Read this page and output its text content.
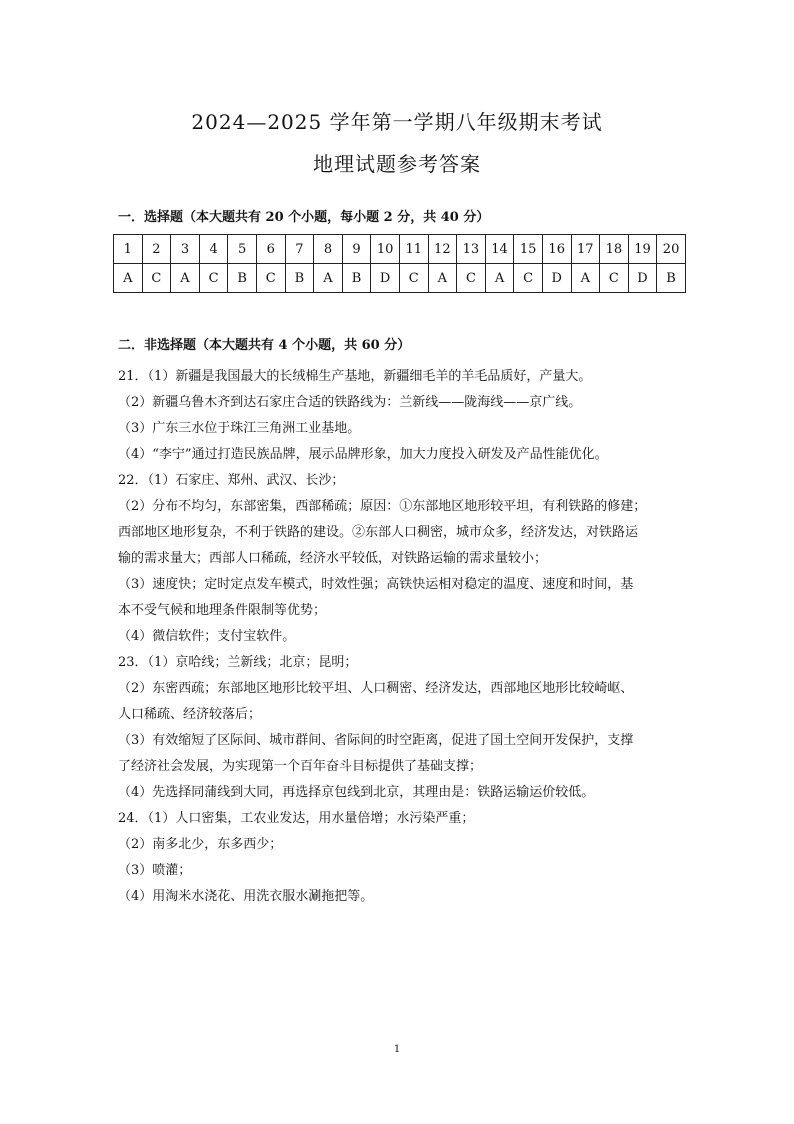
2024—2025 学年第一学期八年级期末考试
地理试题参考答案
一．选择题（本大题共有 20 个小题，每小题 2 分，共 40 分）
1	2	3	4	5	6	7	8	9	10	11	12	13	14	15	16	17	18	19	20
A	C	A	C	B	C	B	A	B	D	C	A	C	A	C	D	A	C	D	B
二．非选择题（本大题共有 4 个小题，共 60 分）
21．（1）新疆是我国最大的长绒棉生产基地，新疆细毛羊的羊毛品质好，产量大。
（2）新疆乌鲁木齐到达石家庄合适的铁路线为：兰新线——陇海线——京广线。
（3）广东三水位于珠江三角洲工业基地。
（4）“李宁”通过打造民族品牌，展示品牌形象，加大力度投入研发及产品性能优化。
22．（1）石家庄、郑州、武汉、长沙；
（2）分布不均匀，东部密集，西部稀疏；原因：①东部地区地形较平坦，有利铁路的修建；
西部地区地形复杂，不利于铁路的建设。②东部人口稠密，城市众多，经济发达，对铁路运
输的需求量大；西部人口稀疏，经济水平较低，对铁路运输的需求量较小；
（3）速度快；定时定点发车模式，时效性强；高铁快运相对稳定的温度、速度和时间，基
本不受气候和地理条件限制等优势；
（4）微信软件；支付宝软件。
23．（1）京哈线；兰新线；北京；昆明；
（2）东密西疏；东部地区地形比较平坦、人口稠密、经济发达，西部地区地形比较崎岖、
人口稀疏、经济较落后；
（3）有效缩短了区际间、城市群间、省际间的时空距离，促进了国土空间开发保护，支撑
了经济社会发展，为实现第一个百年奋斗目标提供了基础支撑；
（4）先选择同蒲线到大同，再选择京包线到北京，其理由是：铁路运输运价较低。
24．（1）人口密集，工农业发达，用水量倍增；水污染严重；
（2）南多北少，东多西少；
（3）喷灌；
（4）用淘米水浇花、用洗衣服水涮拖把等。
1
